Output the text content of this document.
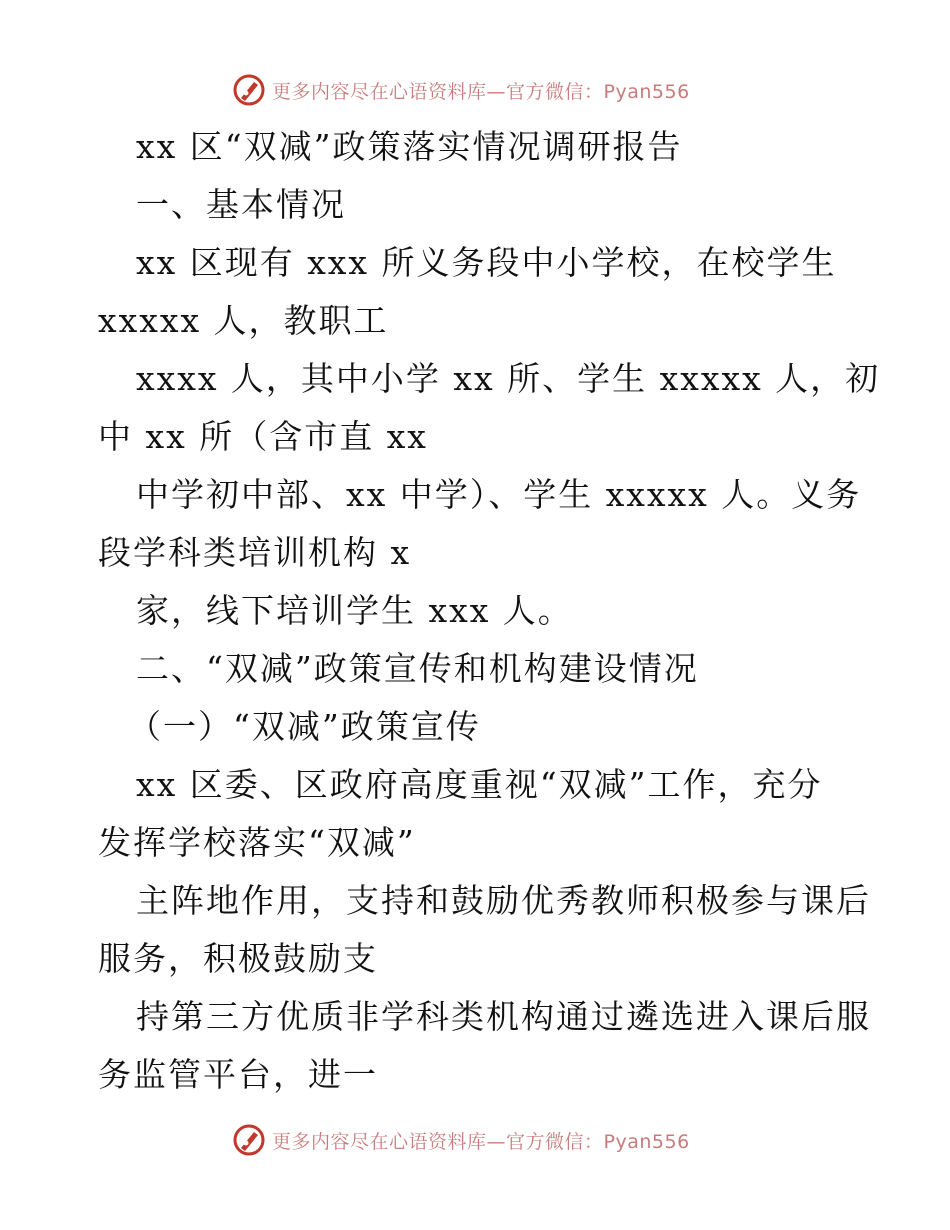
更多内容尽在心语资料库—官方微信：Pyan556

xx 区“双减”政策落实情况调研报告

一、基本情况

xx 区现有 xxx 所义务段中小学校，在校学生

xxxxx 人，教职工

xxxx 人，其中小学 xx 所、学生 xxxxx 人，初

中 xx 所（含市直 xx

中学初中部、xx 中学）、学生 xxxxx 人。义务

段学科类培训机构 x

家，线下培训学生 xxx 人。

二、“双减”政策宣传和机构建设情况

（一）“双减”政策宣传

xx 区委、区政府高度重视“双减”工作，充分

发挥学校落实“双减”

主阵地作用，支持和鼓励优秀教师积极参与课后

服务，积极鼓励支

持第三方优质非学科类机构通过遴选进入课后服

务监管平台，进一

更多内容尽在心语资料库—官方微信：Pyan556
